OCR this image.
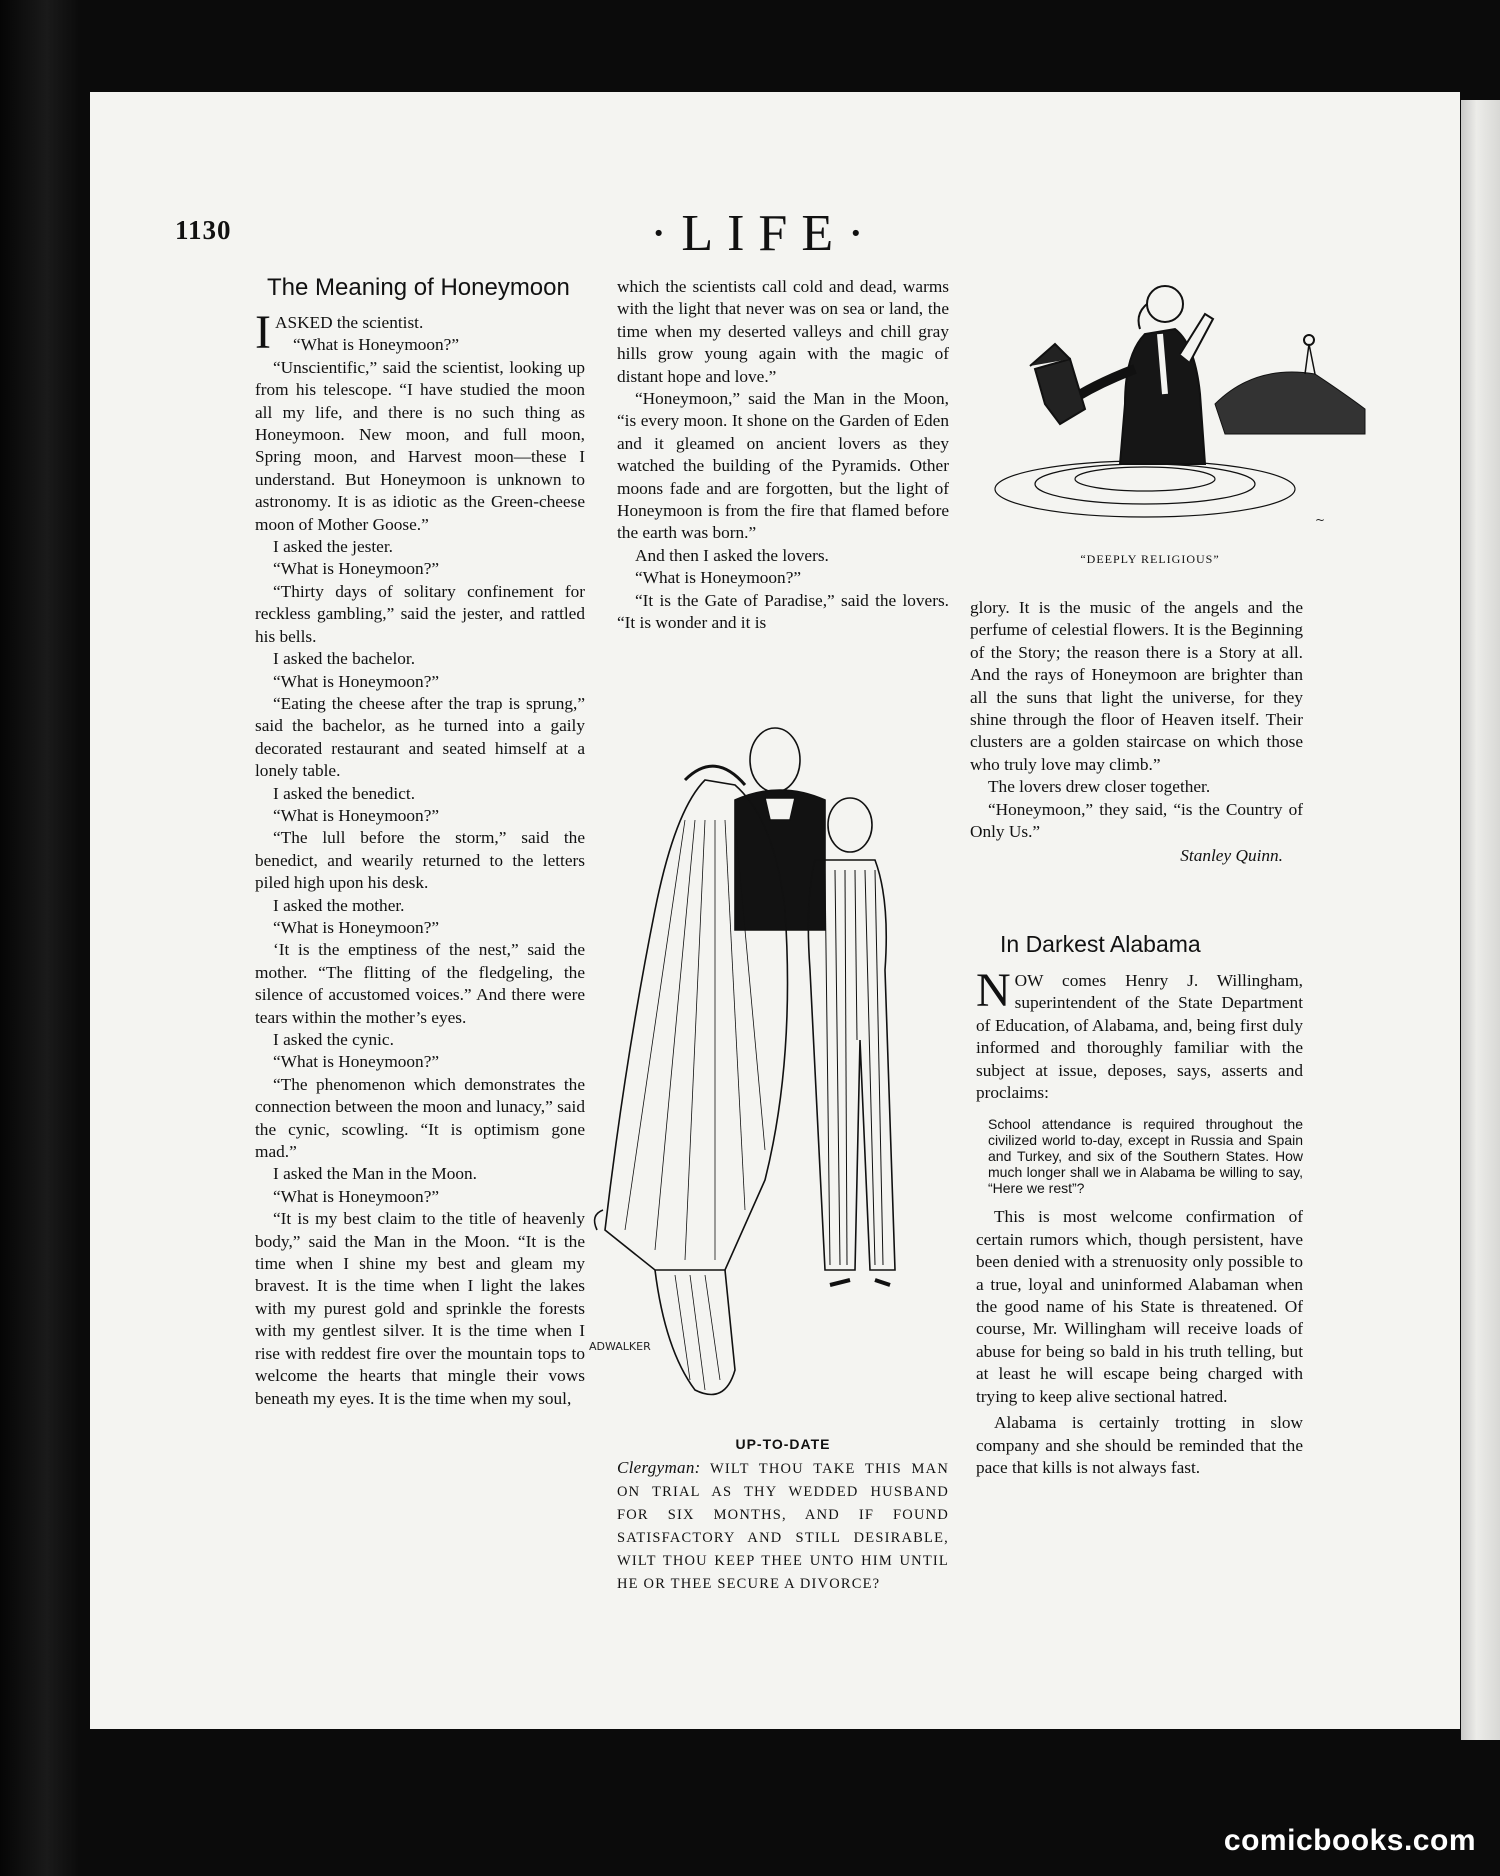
1130	·LIFE·
The Meaning of Honeymoon

IASKED the scientist.

“What is Honeymoon?”

“Unscientific,” said the scientist, looking up from his telescope. “I have studied the moon all my life, and there is no such thing as Honeymoon. New moon, and full moon, Spring moon, and Harvest moon—these I understand. But Honeymoon is unknown to astronomy. It is as idiotic as the Green-cheese moon of Mother Goose.”

I asked the jester.

“What is Honeymoon?”

“Thirty days of solitary confinement for reckless gambling,” said the jester, and rattled his bells.

I asked the bachelor.

“What is Honeymoon?”

“Eating the cheese after the trap is sprung,” said the bachelor, as he turned into a gaily decorated restaurant and seated himself at a lonely table.

I asked the benedict.

“What is Honeymoon?”

“The lull before the storm,” said the benedict, and wearily returned to the letters piled high upon his desk.

I asked the mother.

“What is Honeymoon?”

‘It is the emptiness of the nest,” said the mother. “The flitting of the fledgeling, the silence of accustomed voices.” And there were tears within the mother’s eyes.

I asked the cynic.

“What is Honeymoon?”

“The phenomenon which demonstrates the connection between the moon and lunacy,” said the cynic, scowling. “It is optimism gone mad.”

I asked the Man in the Moon.

“What is Honeymoon?”

“It is my best claim to the title of heavenly body,” said the Man in the Moon. “It is the time when I shine my best and gleam my bravest. It is the time when I light the lakes with my purest gold and sprinkle the forests with my gentlest silver. It is the time when I rise with reddest fire over the mountain tops to welcome the hearts that mingle their vows beneath my eyes. It is the time when my soul,

which the scientists call cold and dead, warms with the light that never was on sea or land, the time when my deserted valleys and chill gray hills grow young again with the magic of distant hope and love.”

“Honeymoon,” said the Man in the Moon, “is every moon. It shone on the Garden of Eden and it gleamed on ancient lovers as they watched the building of the Pyramids. Other moons fade and are forgotten, but the light of Honeymoon is from the fire that flamed before the earth was born.”

And then I asked the lovers.

“What is Honeymoon?”

“It is the Gate of Paradise,” said the lovers. “It is wonder and it is

~
“DEEPLY RELIGIOUS”

glory. It is the music of the angels and the perfume of celestial flowers. It is the Beginning of the Story; the reason there is a Story at all. And the rays of Honeymoon are brighter than all the suns that light the universe, for they shine through the floor of Heaven itself. Their clusters are a golden staircase on which those who truly love may climb.”

The lovers drew closer together.

“Honeymoon,” they said, “is the Country of Only Us.”

Stanley Quinn.
In Darkest Alabama

NOW comes Henry J. Willingham, superintendent of the State Department of Education, of Alabama, and, being first duly informed and thoroughly familiar with the subject at issue, deposes, says, asserts and proclaims:

School attendance is required throughout the civilized world to-day, except in Russia and Spain and Turkey, and six of the Southern States. How much longer shall we in Alabama be willing to say, “Here we rest”?

This is most welcome confirmation of certain rumors which, though persistent, have been denied with a strenuosity only possible to a true, loyal and uninformed Alabaman when the good name of his State is threatened. Of course, Mr. Willingham will receive loads of abuse for being so bald in his truth telling, but at least he will escape being charged with trying to keep alive sectional hatred.

Alabama is certainly trotting in slow company and she should be reminded that the pace that kills is not always fast.

ADWALKER
UP-TO-DATE
Clergyman: WILT THOU TAKE THIS MAN ON TRIAL AS THY WEDDED HUSBAND FOR SIX MONTHS, AND IF FOUND SATISFACTORY AND STILL DESIRABLE, WILT THOU KEEP THEE UNTO HIM UNTIL HE OR THEE SECURE A DIVORCE?
comicbooks.com
